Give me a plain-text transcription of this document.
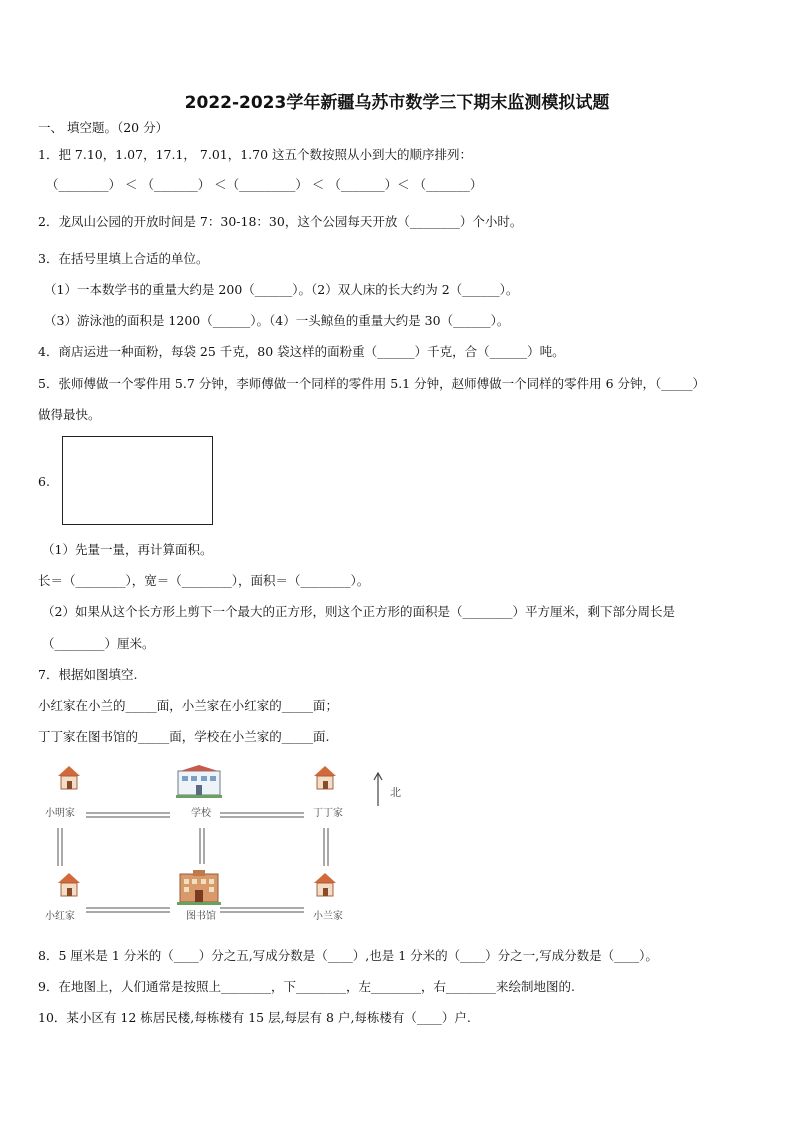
2022-2023学年新疆乌苏市数学三下期末监测模拟试题
一、 填空题。（20 分）
1．把 7.10，1.07，17.1， 7.01，1.70 这五个数按照从小到大的顺序排列：
（________） ＜ （_______） ＜（_________） ＜ （_______）＜ （_______）
2．龙凤山公园的开放时间是 7：30-18：30，这个公园每天开放（________）个小时。
3．在括号里填上合适的单位。
（1）一本数学书的重量大约是 200（______）。（2）双人床的长大约为 2（______）。
（3）游泳池的面积是 1200（______）。（4）一头鲸鱼的重量大约是 30（______）。
4．商店运进一种面粉，每袋 25 千克，80 袋这样的面粉重（______）千克，合（______）吨。
5．张师傅做一个零件用 5.7 分钟，李师傅做一个同样的零件用 5.1 分钟，赵师傅做一个同样的零件用 6 分钟，（_____）
做得最快。
6.
（1）先量一量，再计算面积。
长＝（________），宽＝（________），面积＝（________）。
（2）如果从这个长方形上剪下一个最大的正方形，则这个正方形的面积是（________）平方厘米，剩下部分周长是
（________）厘米。
7．根据如图填空.
小红家在小兰的_____面，小兰家在小红家的_____面；
丁丁家在图书馆的_____面，学校在小兰家的_____面.
小明家	学校	丁丁家
小红家	图书馆	小兰家
北
8．5 厘米是 1 分米的（____）分之五,写成分数是（____）,也是 1 分米的（____）分之一,写成分数是（____）。
9．在地图上，人们通常是按照上________，下________，左________，右________来绘制地图的.
10．某小区有 12 栋居民楼,每栋楼有 15 层,每层有 8 户,每栋楼有（____）户.
